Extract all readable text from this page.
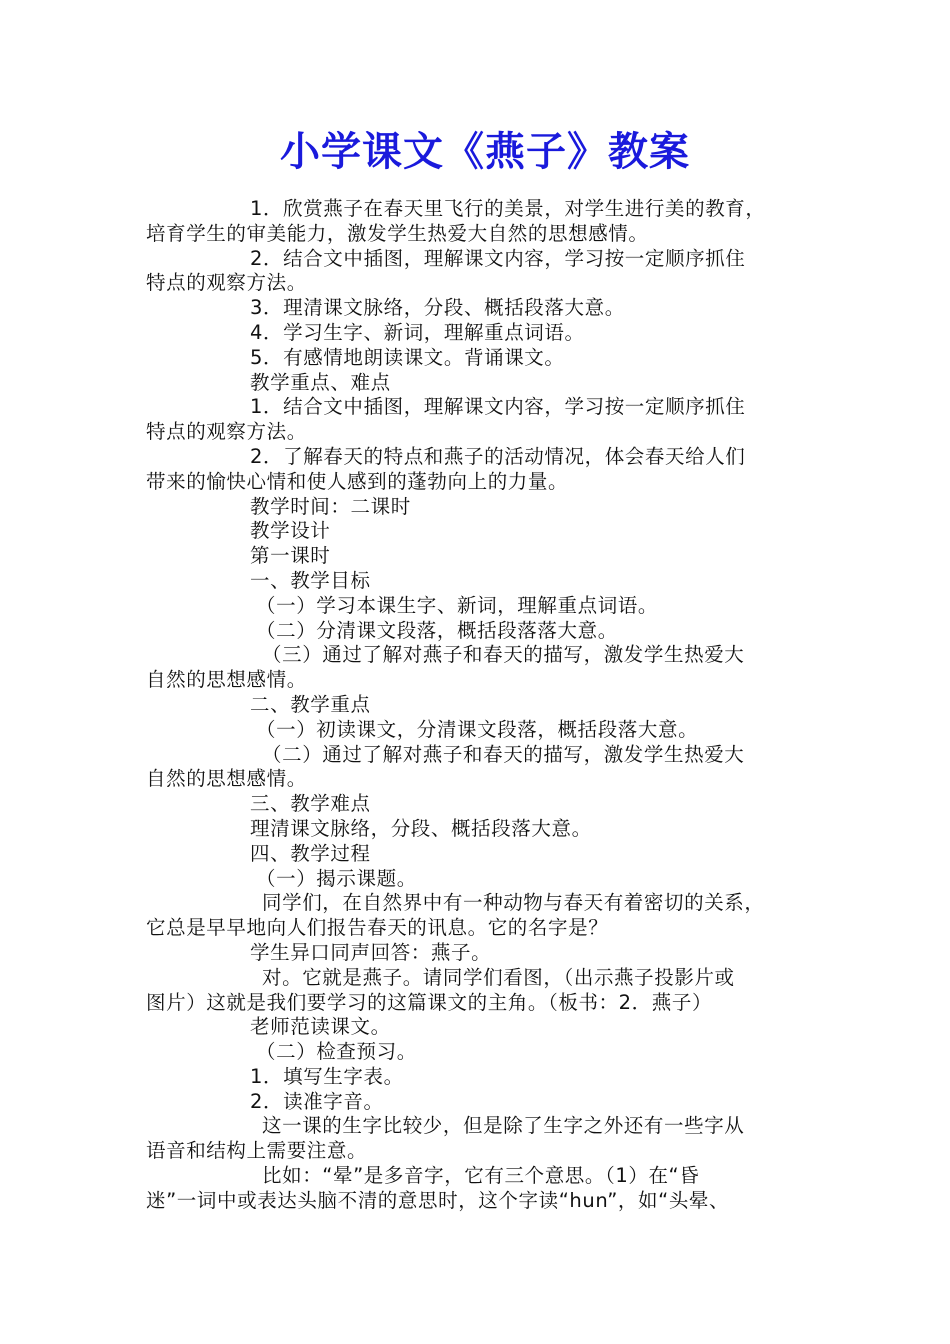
小学课文《燕子》教案
1．欣赏燕子在春天里飞行的美景，对学生进行美的教育，
培育学生的审美能力，激发学生热爱大自然的思想感情。
2．结合文中插图，理解课文内容，学习按一定顺序抓住
特点的观察方法。
3．理清课文脉络，分段、概括段落大意。
4．学习生字、新词，理解重点词语。
5．有感情地朗读课文。背诵课文。
教学重点、难点
1．结合文中插图，理解课文内容，学习按一定顺序抓住
特点的观察方法。
2．了解春天的特点和燕子的活动情况，体会春天给人们
带来的愉快心情和使人感到的蓬勃向上的力量。
教学时间：二课时
教学设计
第一课时
一、教学目标
（一）学习本课生字、新词，理解重点词语。
（二）分清课文段落，概括段落落大意。
（三）通过了解对燕子和春天的描写，激发学生热爱大
自然的思想感情。
二、教学重点
（一）初读课文，分清课文段落，概括段落大意。
（二）通过了解对燕子和春天的描写，激发学生热爱大
自然的思想感情。
三、教学难点
理清课文脉络，分段、概括段落大意。
四、教学过程
（一）揭示课题。
同学们，在自然界中有一种动物与春天有着密切的关系，
它总是早早地向人们报告春天的讯息。它的名字是？
学生异口同声回答：燕子。
对。它就是燕子。请同学们看图，（出示燕子投影片或
图片）这就是我们要学习的这篇课文的主角。（板书：2．燕子）
老师范读课文。
（二）检查预习。
1．填写生字表。
2．读准字音。
这一课的生字比较少，但是除了生字之外还有一些字从
语音和结构上需要注意。
比如：“晕”是多音字，它有三个意思。（1）在“昏
迷”一词中或表达头脑不清的意思时，这个字读“hun”，如“头晕、
